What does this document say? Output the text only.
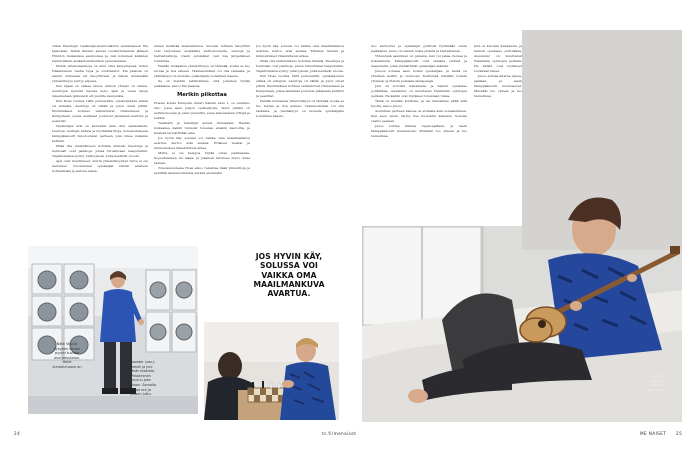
viitaa Helsingin Opiskelija-asuntosäätiön asukkaaseen Pia Jaakolaan. Nämä ihmiset asuvat vuosikymmenten jälkeen HOAS:n mukaisissa asunnoissa ja ovat kokeneet kaikkien mahdollisten asukastoimikuntien perustamisen.

Pieniä yhteisöasuntoja on aina ollut kaupungissa, kuten Hakaniemen vanha tupa ja vuokratalot. Pia Jaakola on asunut kolmessa eri taloyhtiössä, ja hänen mielestään yhteisöllisyys syntyy arjessa.

Sen sijaan on vaikea sanoa, milloin yhteisö on valmis. Asuntojen kysyntä kasvaa koko ajan ja uusia taloja rakennetaan jatkuvasti eri puolille kaupunkia.

Kun Hoas vuonna 1969 perustettiin, opiskelijoiden elämä oli erilaista. Asuntoja oli vähän ja jonot olivat pitkiä. Ensimmäiset kohteet valmistuivat Otaniemeen ja Kumpulaan, joissa asukkaat joutuivat jakamaan keittiön ja pesutilat.

Opiskelijan arki on kuitenkin aina ollut samanlaista: luentoja, tenttejä, kahvia ja myöhäisiä iltoja. Soluasumisessa kämppäkaverit muodostavat perheen, joka tukee vaikeina hetkinä.

Pitää olla mahdollisuus kohdata ihmisiä. Pesutupa ja kuntosali ovat paikkoja, joissa tutustutaan naapureihin. Tapahtumissa syntyy ystävyyksiä, jotka kestävät vuosia.

Ajat ovat muuttuneet, mutta yhteisöllisyyden tarve ei ole kadonnut. Nuoremmat opiskelijat etsivät edelleen kohtaamisia ja jaettua arkea.

minen herättää mielenkiintoa. Vuosien mittaan taloyhtiöt ovat tarjonneet asukkaille kerhohuoneita, saunoja ja harrastustiloja. Usein opiskelijat ovat itse järjestäneet toimintaa.

Heidän mukaansa yhteisöllisyys on tärkeää, koska se tuo turvaa ja iloa arkeen. Yksinasuminen voi olla raskasta, ja yksinäisyys on monelle opiskelijalle todellinen haaste.

Se on meidän tehtävämme, että jokainen löytää paikkansa, sanoo Pia Jaakola.

Merikin piikottaa

Hoasin kohde Kumpula, Petari Kalmin katu 1, on uudehko talo, jossa asuu paljon opiskelijoita. Talon pihalla on aurinkotuoleja ja pieni puutarha, jossa kasvatetaan yrttejä ja kukkia.

Teekkarit ja taiteilijat asuvat rinnakkain. Heidän mukaansa kaikki tuntevat toisensa ainakin kasvoilta, ja hississä tervehditään aina.

Jos hyvin käy, solussa voi vaikka oma maailmankuva avartua, kertoo eräs asukas. Erilaiset taustat ja kiinnostukset rikastuttavat arkea.

Mutta ei ole helppoa löytää omaa paikkaansa. Sopeutuminen vie aikaa, ja jokainen tarvitsee myös omaa rauhaa.

Tulevaisuudessa Hoas aikoo rakentaa lisää yhteistiloja ja kehittää asukastoimintaa entistä enemmän.

Jos hyvin käy, solussa voi vaikka oma maailmankuva avartua, kertoo eräs asukas. Erilaiset taustat ja kiinnostukset rikastuttavat arkea.

Pitää olla mahdollisuus kohdata ihmisiä. Pesutupa ja kuntosali ovat paikkoja, joissa tutustutaan naapureihin. Tapahtumissa syntyy ystävyyksiä, jotka kestävät vuosia.

Kun Hoas vuonna 1969 perustettiin, opiskelijoiden elämä oli erilaista. Asuntoja oli vähän ja jonot olivat pitkiä. Ensimmäiset kohteet valmistuivat Otaniemeen ja Kumpulaan, joissa asukkaat joutuivat jakamaan keittiön ja pesutilat.

Heidän mukaansa yhteisöllisyys on tärkeää, koska se tuo turvaa ja iloa arkeen. Yksinasuminen voi olla raskasta, ja yksinäisyys on monelle opiskelijalle todellinen haaste.

Nätti Visa ja nykyään sanoin pyykki tuvissa asui pesulassa. Malle kuntotuhuone on
JOS HYVIN KÄY, SOLUSSA VOI VAIKKA OMA MAAILMANKUVA AVARTUA.
Alexander (vas.), Samuli ja Juni pitävät shakista. Pelaaminen kuuluu joka viikkoon. Samalla alkaa ero ja Juuson juttu.
24	ts.fi/menaiset

luo: kertoutuu ja opiskelijat pyrkivät löytämään oman paikkansa. Juuso on saanut uusia ystäviä ja harrastuksia.

Yhteisössä asuminen on parasta, kun voi jakaa ruokaa ja kokemuksia. Kämppäkaverit ovat samalla ystäviä ja naapureita, jotka ymmärtävät opiskelijan elämää.

Juuson solussa asuu kolme opiskelijaa, ja heillä on yhteinen keittiö ja olohuone. Keittiössä tehdään ruokaa yhdessä, ja iltaisin pelataan lautapelejä.

Juni on kotoisin Kanadasta, ja Samuli opiskelee politiikkaa. Alexander on muuttanut Helsinkiin opintojen perässä. He kaikki ovat löytäneet toisistaan tukea.

Tämä on meidän kotimme, ja me haluamme pitää siitä huolta, sanoo Juuso.

Asuminen perheen kanssa on erilaista kuin soluasuminen. Kun asuu yksin, täytyy itse huolehtia kaikesta. Solussa vastuu jaetaan.

Juuso soittaa kitaraa vapaa-ajallaan, ja usein kämppäkaverit kuuntelevat. Musiikki tuo yhteen ja luo tunnelmaa.

Juni on kotoisin Kanadasta, ja Samuli opiskelee politiikkaa. Alexander on muuttanut Helsinkiin opintojen perässä. He kaikki ovat löytäneet toisistaan tukea.

Juuso soittaa kitaraa vapaa-ajallaan, ja usein kämppäkaverit kuuntelevat. Musiikki tuo yhteen ja luo tunnelmaa.

Juuso sängyllä kitara ja kotikanarin
ME NAISET 25
